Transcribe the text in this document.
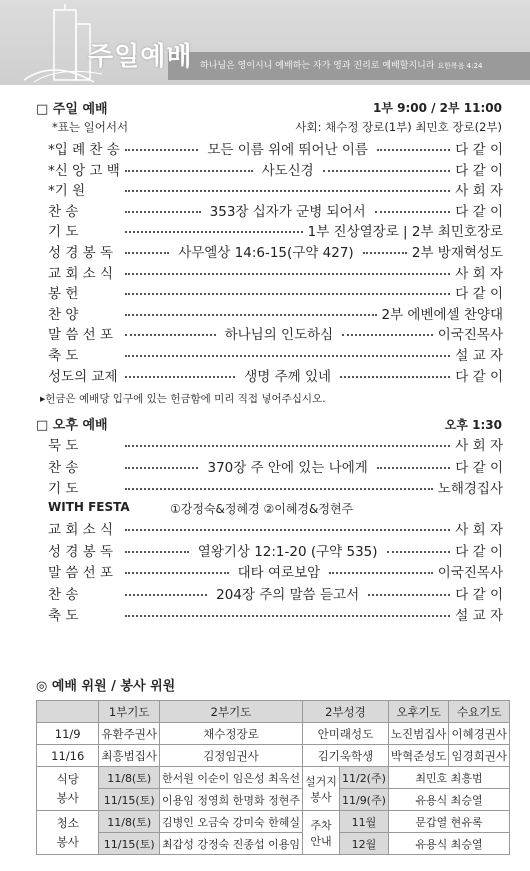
주일예배 하나님은 영이시니 예배하는 자가 영과 진리로 예배할지니라 요한복음 4:24
□ 주일 예배	1부 9:00 / 2부 11:00
*표는 일어서서	사회: 채수정 장로(1부) 최민호 장로(2부)
*입 례 찬 송	모든 이름 위에 뛰어난 이름	다 같 이
*신 앙 고 백	사도신경	다 같 이
*기 원	사 회 자
찬 송	353장 십자가 군병 되어서	다 같 이
기 도	1부 진상열장로 | 2부 최민호장로
성 경 봉 독	사무엘상 14:6-15(구약 427)	2부 방재혁성도
교 회 소 식	사 회 자
봉 헌	다 같 이
찬 양	2부 에벤에셀 찬양대
말 씀 선 포	하나님의 인도하심	이국진목사
축 도	설 교 자
성도의 교제	생명 주께 있네	다 같 이
▸헌금은 예배당 입구에 있는 헌금함에 미리 직접 넣어주십시오.
□ 오후 예배	오후 1:30
묵 도	사 회 자
찬 송	370장 주 안에 있는 나에게	다 같 이
기 도	노해경집사
WITH FESTA	①강정숙&정혜경 ②이혜경&정현주
교 회 소 식	사 회 자
성 경 봉 독	열왕기상 12:1-20 (구약 535)	다 같 이
말 씀 선 포	대타 여로보암	이국진목사
찬 송	204장 주의 말씀 듣고서	다 같 이
축 도	설 교 자
◎ 예배 위원 / 봉사 위원
	1부기도	2부기도	2부성경		오후기도	수요기도
11/9	유환주권사	채수정장로	안미래성도		노진범집사	이혜경권사
11/16	최흥범집사	김정임권사	김기욱학생		박혁준성도	임경희권사
식당
봉사	11/8(토)	한서원 이순이 임은성 최옥선	설거지 봉사	11/2(주)	최민호 최흥범	
	11/15(토)	이용임 정영희 한명화 정현주		11/9(주)	유용식 최승열	
청소
봉사	11/8(토)	김병인 오금숙 강미숙 한혜실	주차 안내	11월	문갑열 현유록	
	11/15(토)	최갑성 강정숙 진종섭 이용임		12월	유용식 최승열	
